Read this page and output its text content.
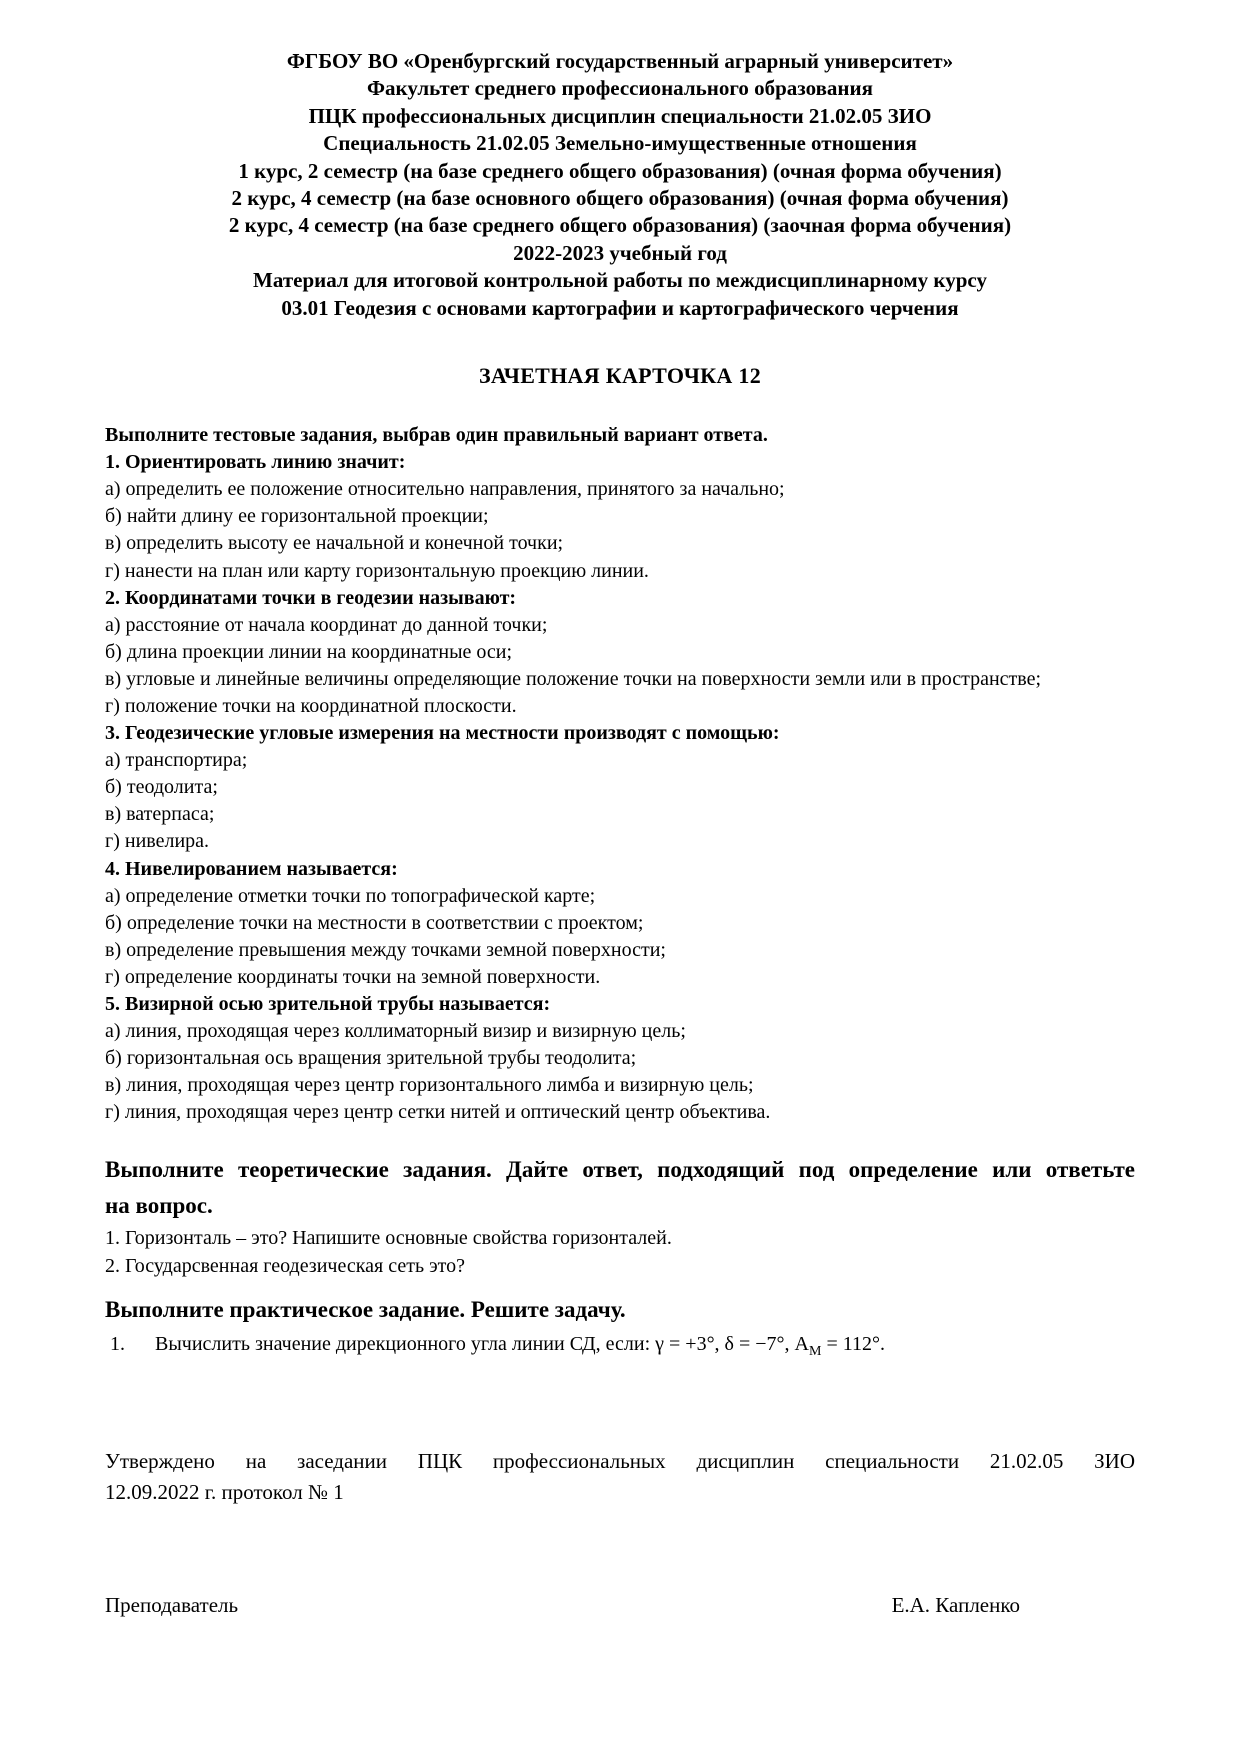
ФГБОУ ВО «Оренбургский государственный аграрный университет»
Факультет среднего профессионального образования
ПЦК профессиональных дисциплин специальности 21.02.05 ЗИО
Специальность 21.02.05 Земельно-имущественные отношения
1 курс, 2 семестр (на базе среднего общего образования) (очная форма обучения)
2 курс, 4 семестр (на базе основного общего образования) (очная форма обучения)
2 курс, 4 семестр (на базе среднего общего образования) (заочная форма обучения)
2022-2023 учебный год
Материал для итоговой контрольной работы по междисциплинарному курсу
03.01 Геодезия с основами картографии и картографического черчения
ЗАЧЕТНАЯ КАРТОЧКА 12
Выполните тестовые задания, выбрав один правильный вариант ответа.
1. Ориентировать линию значит:
а) определить ее положение относительно направления, принятого за начально;
б) найти длину ее горизонтальной проекции;
в) определить высоту ее начальной и конечной точки;
г) нанести на план или карту горизонтальную проекцию линии.
2. Координатами точки в геодезии называют:
а) расстояние от начала координат до данной точки;
б) длина проекции линии на координатные оси;
в) угловые и линейные величины определяющие положение точки на поверхности земли или в пространстве;
г) положение точки на координатной плоскости.
3. Геодезические угловые измерения на местности производят с помощью:
а) транспортира;
б) теодолита;
в) ватерпаса;
г) нивелира.
4. Нивелированием называется:
а) определение отметки точки по топографической карте;
б) определение точки на местности в соответствии с проектом;
в) определение превышения между точками земной поверхности;
г) определение координаты точки на земной поверхности.
5. Визирной осью зрительной трубы называется:
а) линия, проходящая через коллиматорный визир и визирную цель;
б) горизонтальная ось вращения зрительной трубы теодолита;
в) линия, проходящая через центр горизонтального лимба и визирную цель;
г) линия, проходящая через центр сетки нитей и оптический центр объектива.
Выполните теоретические задания. Дайте ответ, подходящий под определение или ответьте
на вопрос.
1. Горизонталь – это? Напишите основные свойства горизонталей.
2. Государсвенная геодезическая сеть это?
Выполните практическое задание. Решите задачу.
1.	Вычислить значение дирекционного угла линии СД, если: γ = +3°, δ = −7°, $А_М = 112^\circ$.
Утверждено на заседании ПЦК профессиональных дисциплин специальности 21.02.05 ЗИО
12.09.2022 г. протокол № 1
Преподаватель	Е.А. Капленко
